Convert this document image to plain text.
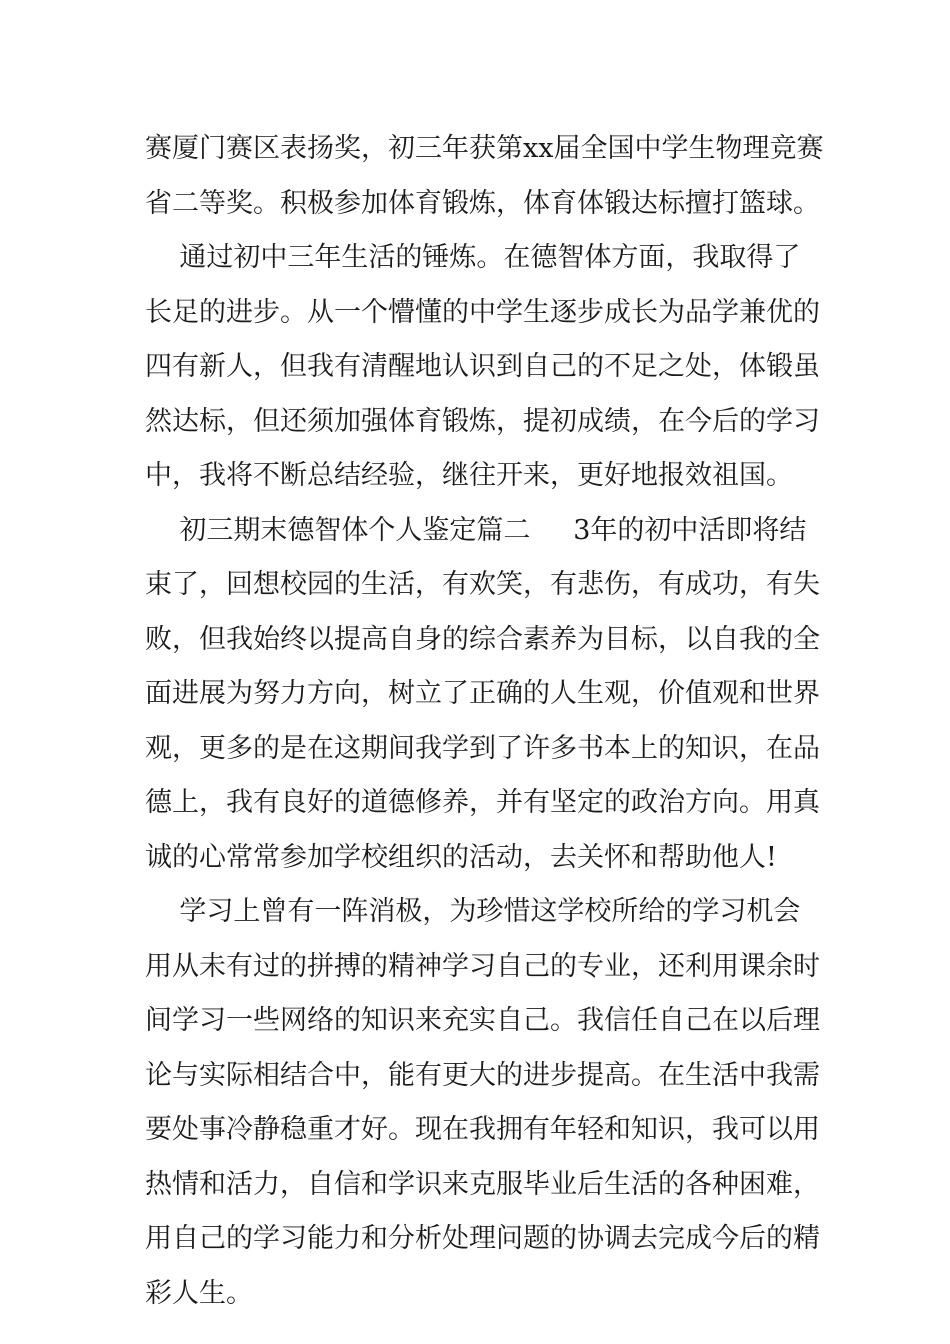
赛厦门赛区表扬奖，初三年获第xx届全国中学生物理竞赛
省二等奖。积极参加体育锻炼，体育体锻达标擅打篮球。
通过初中三年生活的锤炼。在德智体方面，我取得了
长足的进步。从一个懵懂的中学生逐步成长为品学兼优的
四有新人，但我有清醒地认识到自己的不足之处，体锻虽
然达标，但还须加强体育锻炼，提初成绩，在今后的学习
中，我将不断总结经验，继往开来，更好地报效祖国。
初三期末德智体个人鉴定篇二     3年的初中活即将结
束了，回想校园的生活，有欢笑，有悲伤，有成功，有失
败，但我始终以提高自身的综合素养为目标，以自我的全
面进展为努力方向，树立了正确的人生观，价值观和世界
观，更多的是在这期间我学到了许多书本上的知识，在品
德上，我有良好的道德修养，并有坚定的政治方向。用真
诚的心常常参加学校组织的活动，去关怀和帮助他人!
学习上曾有一阵消极，为珍惜这学校所给的学习机会
用从未有过的拼搏的精神学习自己的专业，还利用课余时
间学习一些网络的知识来充实自己。我信任自己在以后理
论与实际相结合中，能有更大的进步提高。在生活中我需
要处事冷静稳重才好。现在我拥有年轻和知识，我可以用
热情和活力，自信和学识来克服毕业后生活的各种困难，
用自己的学习能力和分析处理问题的协调去完成今后的精
彩人生。
